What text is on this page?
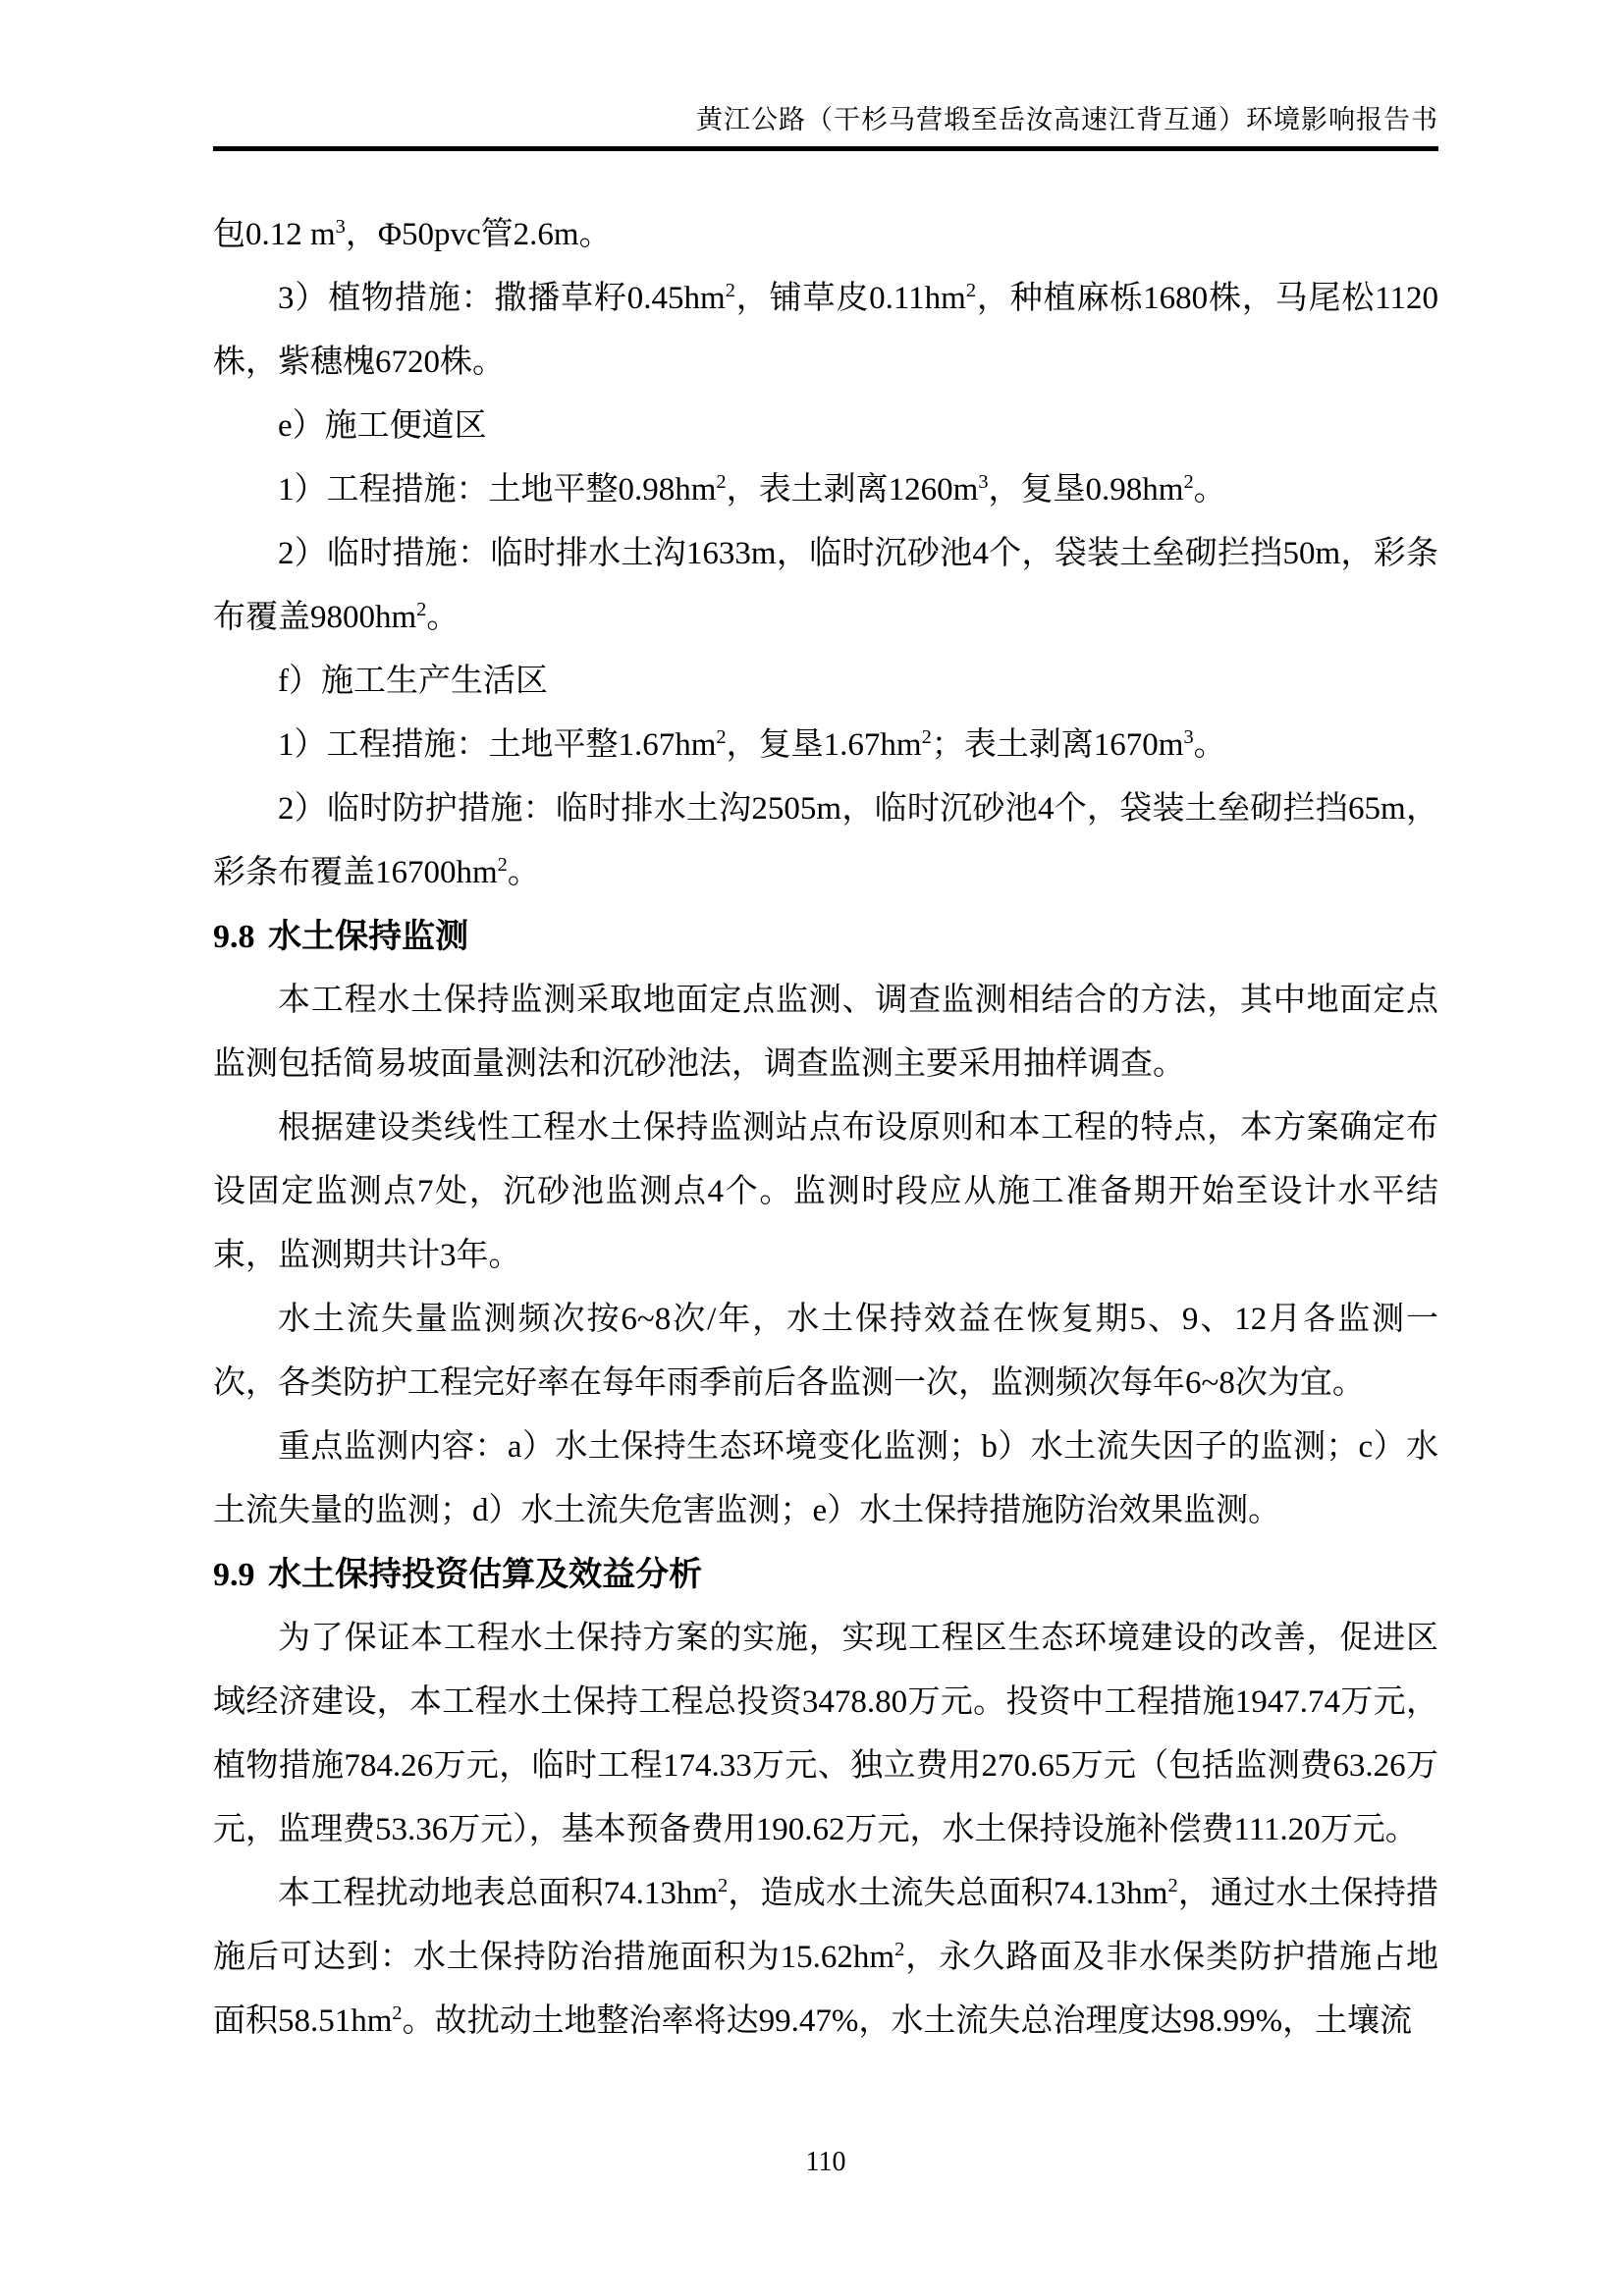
黄江公路（干杉马营塅至岳汝高速江背互通）环境影响报告书

包0.12 $m^3$，Φ50pvc管2.6m。

3）植物措施：撒播草籽$0.45hm^2$，铺草皮$0.11hm^2$，种植麻栎1680株，马尾松1120株，紫穗槐6720株。

e）施工便道区

1）工程措施：土地平整$0.98hm^2$，表土剥离$1260m^3$，复垦$0.98hm^2$。

2）临时措施：临时排水土沟1633m，临时沉砂池4个，袋装土垒砌拦挡50m，彩条布覆盖$9800hm^2$。

f）施工生产生活区

1）工程措施：土地平整$1.67hm^2$，复垦$1.67hm^2$；表土剥离$1670m^3$。

2）临时防护措施：临时排水土沟2505m，临时沉砂池4个，袋装土垒砌拦挡65m，彩条布覆盖$16700hm^2$。

9.8 水土保持监测

本工程水土保持监测采取地面定点监测、调查监测相结合的方法，其中地面定点监测包括简易坡面量测法和沉砂池法，调查监测主要采用抽样调查。

根据建设类线性工程水土保持监测站点布设原则和本工程的特点，本方案确定布设固定监测点7处，沉砂池监测点4个。监测时段应从施工准备期开始至设计水平结束，监测期共计3年。

水土流失量监测频次按6~8次/年，水土保持效益在恢复期5、9、12月各监测一次，各类防护工程完好率在每年雨季前后各监测一次，监测频次每年6~8次为宜。

重点监测内容：a）水土保持生态环境变化监测；b）水土流失因子的监测；c）水土流失量的监测；d）水土流失危害监测；e）水土保持措施防治效果监测。

9.9 水土保持投资估算及效益分析

为了保证本工程水土保持方案的实施，实现工程区生态环境建设的改善，促进区域经济建设，本工程水土保持工程总投资3478.80万元。投资中工程措施1947.74万元，植物措施784.26万元，临时工程174.33万元、独立费用270.65万元（包括监测费63.26万元，监理费53.36万元），基本预备费用190.62万元，水土保持设施补偿费111.20万元。

本工程扰动地表总面积$74.13hm^2$，造成水土流失总面积$74.13hm^2$，通过水土保持措施后可达到：水土保持防治措施面积为$15.62hm^2$，永久路面及非水保类防护措施占地面积$58.51hm^2$。故扰动土地整治率将达99.47%，水土流失总治理度达98.99%，土壤流

110
